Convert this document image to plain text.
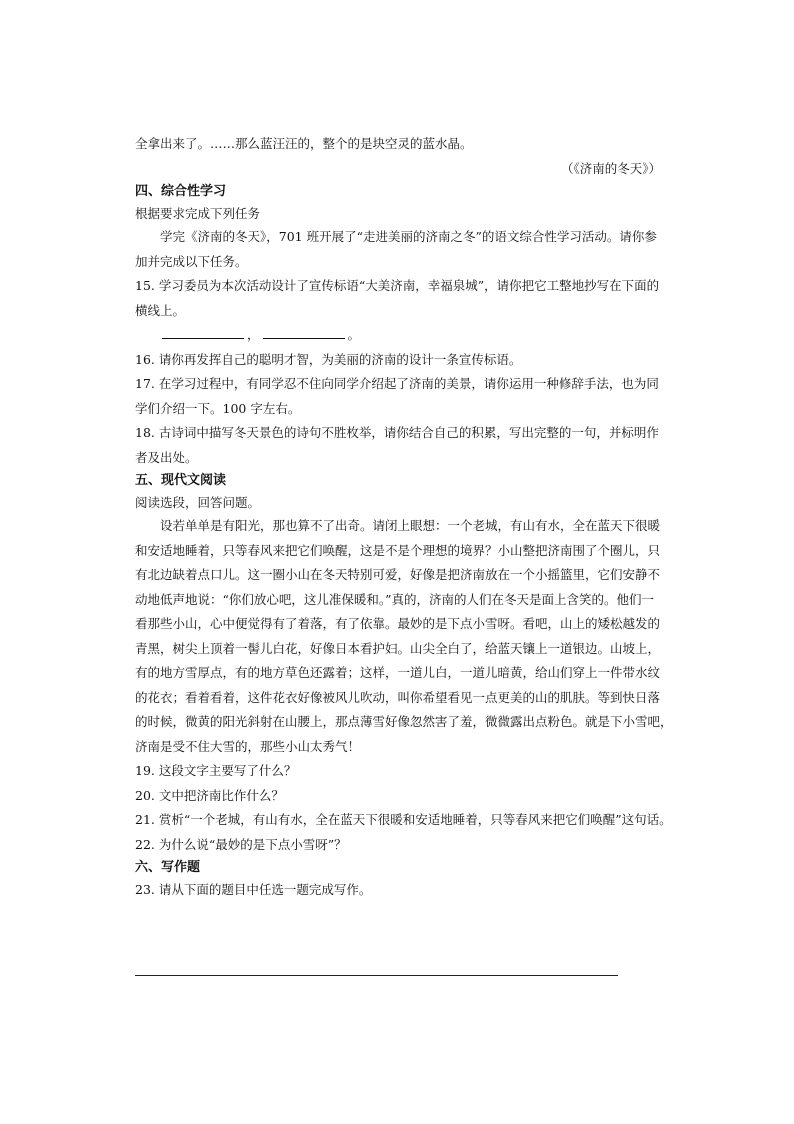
全拿出来了。……那么蓝汪汪的，整个的是块空灵的蓝水晶。
（《济南的冬天》）
四、综合性学习
根据要求完成下列任务
学完《济南的冬天》，701 班开展了“走进美丽的济南之冬”的语文综合性学习活动。请你参
加并完成以下任务。
15. 学习委员为本次活动设计了宣传标语“大美济南，幸福泉城”，请你把它工整地抄写在下面的
横线上。
，	。
16. 请你再发挥自己的聪明才智，为美丽的济南的设计一条宣传标语。
17. 在学习过程中，有同学忍不住向同学介绍起了济南的美景，请你运用一种修辞手法，也为同
学们介绍一下。100 字左右。
18. 古诗词中描写冬天景色的诗句不胜枚举，请你结合自己的积累，写出完整的一句，并标明作
者及出处。
五、现代文阅读
阅读选段，回答问题。
设若单单是有阳光，那也算不了出奇。请闭上眼想：一个老城，有山有水，全在蓝天下很暖
和安适地睡着，只等春风来把它们唤醒，这是不是个理想的境界？小山整把济南围了个圈儿，只
有北边缺着点口儿。这一圈小山在冬天特别可爱，好像是把济南放在一个小摇篮里，它们安静不
动地低声地说：“你们放心吧，这儿准保暖和。”真的，济南的人们在冬天是面上含笑的。他们一
看那些小山，心中便觉得有了着落，有了依靠。最妙的是下点小雪呀。看吧，山上的矮松越发的
青黑，树尖上顶着一髻儿白花，好像日本看护妇。山尖全白了，给蓝天镶上一道银边。山坡上，
有的地方雪厚点，有的地方草色还露着；这样，一道儿白，一道儿暗黄，给山们穿上一件带水纹
的花衣；看着看着，这件花衣好像被风儿吹动，叫你希望看见一点更美的山的肌肤。等到快日落
的时候，微黄的阳光斜射在山腰上，那点薄雪好像忽然害了羞，微微露出点粉色。就是下小雪吧，
济南是受不住大雪的，那些小山太秀气！
19. 这段文字主要写了什么？
20. 文中把济南比作什么？
21. 赏析“一个老城，有山有水，全在蓝天下很暖和安适地睡着，只等春风来把它们唤醒”这句话。
22. 为什么说“最妙的是下点小雪呀”？
六、写作题
23. 请从下面的题目中任选一题完成写作。
